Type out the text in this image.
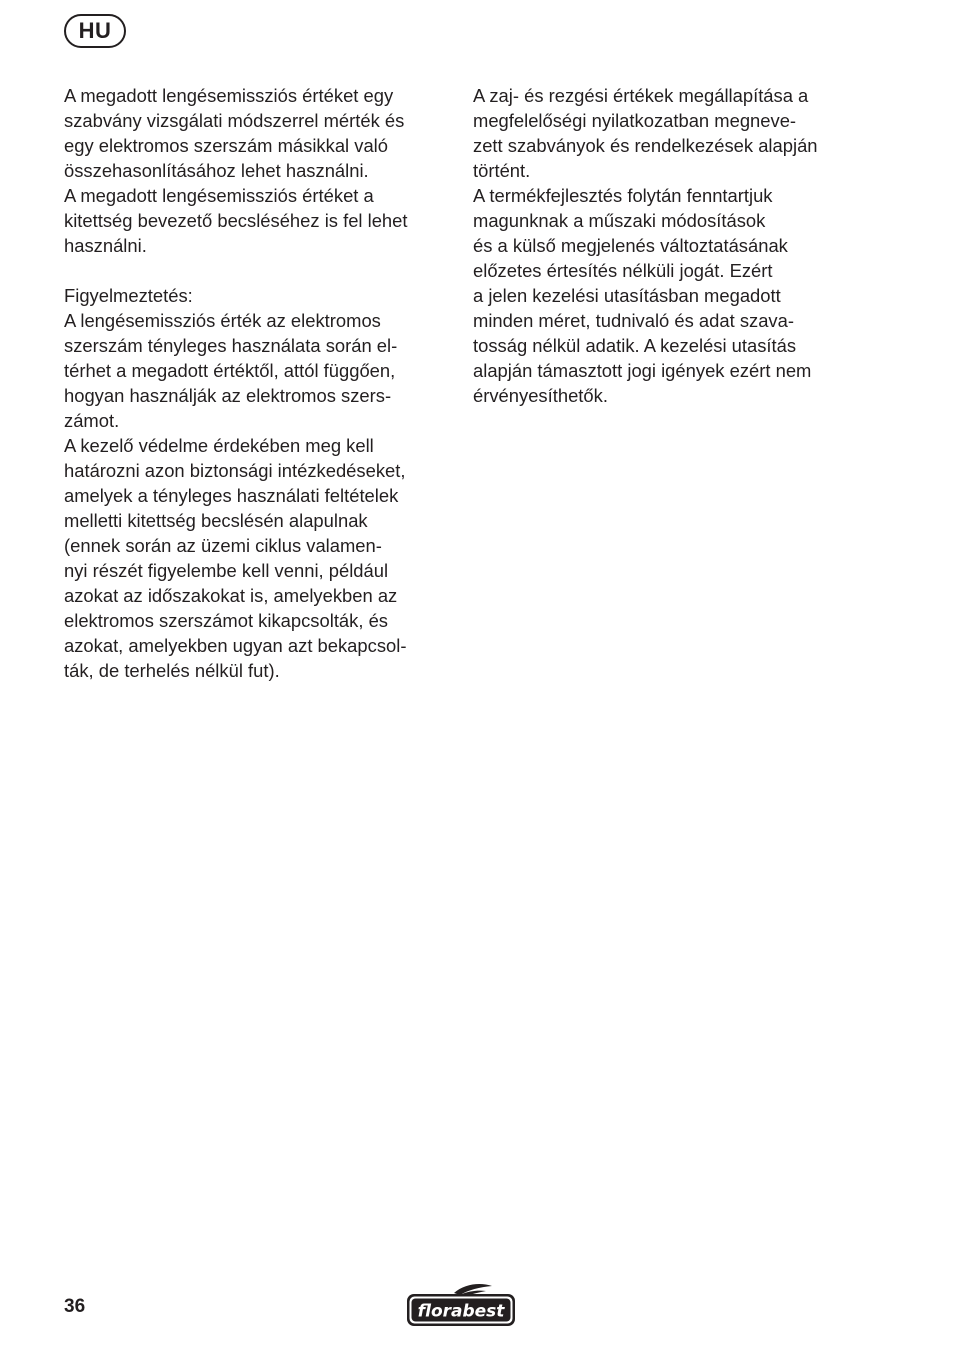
HU
A megadott lengésemissziós értéket egy
szabvány vizsgálati módszerrel mérték és
egy elektromos szerszám másikkal való
összehasonlításához lehet használni.
A megadott lengésemissziós értéket a
kitettség bevezető becsléséhez is fel lehet
használni.
Figyelmeztetés:
A lengésemissziós érték az elektromos
szerszám tényleges használata során el-
térhet a megadott értéktől, attól függően,
hogyan használják az elektromos szers-
zámot.
A kezelő védelme érdekében meg kell
határozni azon biztonsági intézkedéseket,
amelyek a tényleges használati feltételek
melletti kitettség becslésén alapulnak
(ennek során az üzemi ciklus valamen-
nyi részét figyelembe kell venni, például
azokat az időszakokat is, amelyekben az
elektromos szerszámot kikapcsolták, és
azokat, amelyekben ugyan azt bekapcsol-
ták, de terhelés nélkül fut).
A zaj- és rezgési értékek megállapítása a
megfelelőségi nyilatkozatban megneve-
zett szabványok és rendelkezések alapján
történt.
A termékfejlesztés folytán fenntartjuk
magunknak a műszaki módosítások
és a külső megjelenés változtatásának
előzetes értesítés nélküli jogát. Ezért
a jelen kezelési utasításban megadott
minden méret, tudnivaló és adat szava-
tosság nélkül adatik. A kezelési utasítás
alapján támasztott jogi igények ezért nem
érvényesíthetők.
36	florabest
